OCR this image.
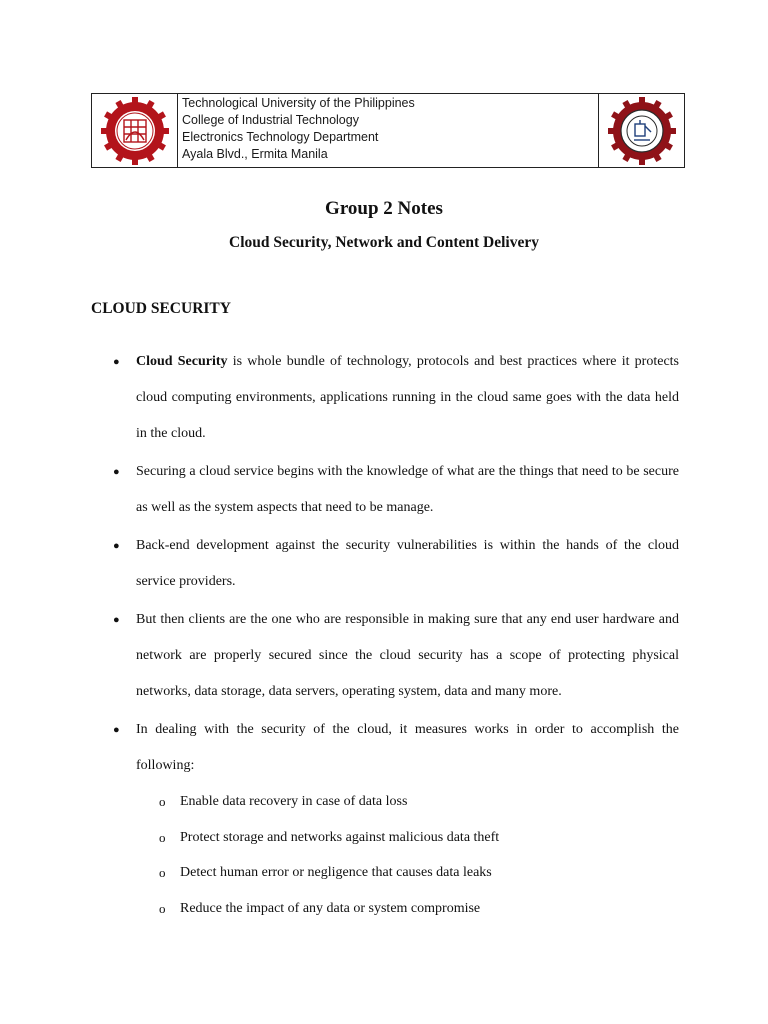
Technological University of the Philippines
College of Industrial Technology
Electronics Technology Department
Ayala Blvd., Ermita Manila
Group 2 Notes
Cloud Security, Network and Content Delivery
CLOUD SECURITY
● Cloud Security is whole bundle of technology, protocols and best practices where it protects cloud computing environments, applications running in the cloud same goes with the data held in the cloud.
● Securing a cloud service begins with the knowledge of what are the things that need to be secure as well as the system aspects that need to be manage.
● Back-end development against the security vulnerabilities is within the hands of the cloud service providers.
● But then clients are the one who are responsible in making sure that any end user hardware and network are properly secured since the cloud security has a scope of protecting physical networks, data storage, data servers, operating system, data and many more.
● In dealing with the security of the cloud, it measures works in order to accomplish the following:
o Enable data recovery in case of data loss
o Protect storage and networks against malicious data theft
o Detect human error or negligence that causes data leaks
o Reduce the impact of any data or system compromise
